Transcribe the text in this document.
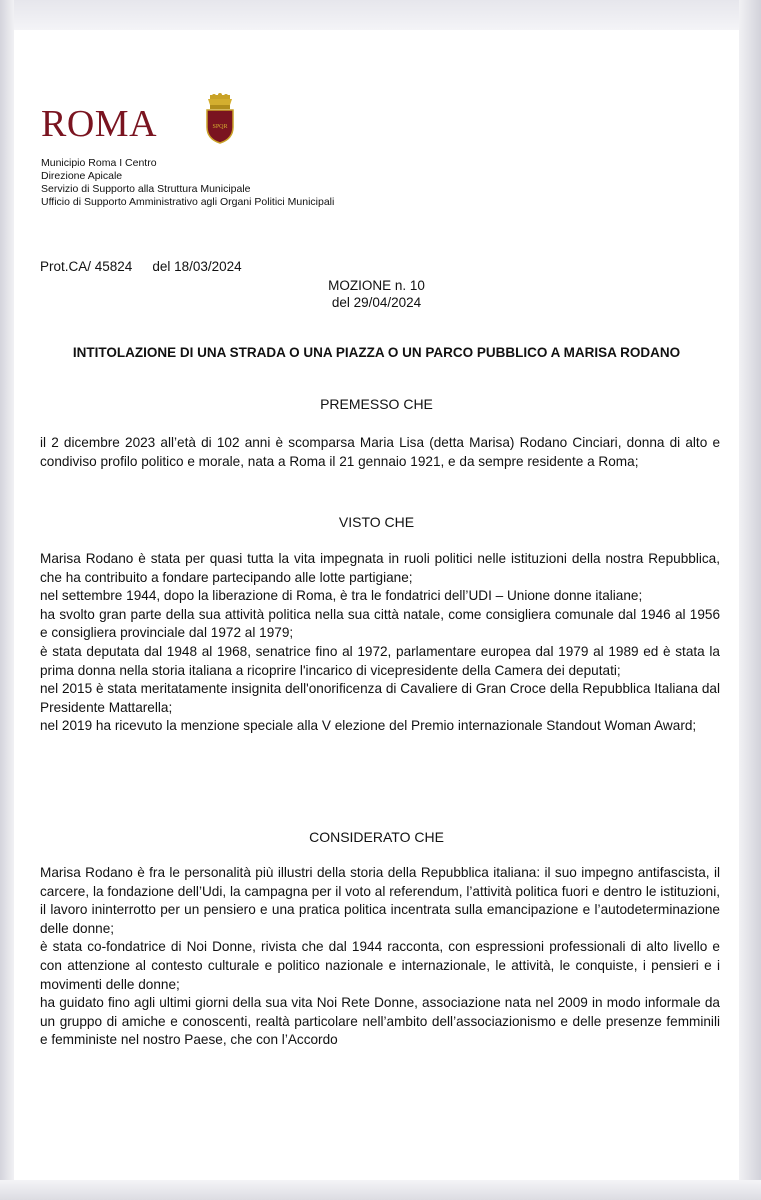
ROMA	SPQR
Municipio Roma I Centro
Direzione Apicale
Servizio di Supporto alla Struttura Municipale
Ufficio di Supporto Amministrativo agli Organi Politici Municipali
Prot.CA/ 45824 del 18/03/2024
MOZIONE n. 10
del 29/04/2024
INTITOLAZIONE DI UNA STRADA O UNA PIAZZA O UN PARCO PUBBLICO A MARISA RODANO
PREMESSO CHE

il 2 dicembre 2023 all’età di 102 anni è scomparsa Maria Lisa (detta Marisa) Rodano Cinciari, donna di alto e condiviso profilo politico e morale, nata a Roma il 21 gennaio 1921, e da sempre residente a Roma;

VISTO CHE

Marisa Rodano è stata per quasi tutta la vita impegnata in ruoli politici nelle istituzioni della nostra Repubblica, che ha contribuito a fondare partecipando alle lotte partigiane;

nel settembre 1944, dopo la liberazione di Roma, è tra le fondatrici dell’UDI – Unione donne italiane;

ha svolto gran parte della sua attività politica nella sua città natale, come consigliera comunale dal 1946 al 1956 e consigliera provinciale dal 1972 al 1979;

è stata deputata dal 1948 al 1968, senatrice fino al 1972, parlamentare europea dal 1979 al 1989 ed è stata la prima donna nella storia italiana a ricoprire l'incarico di vicepresidente della Camera dei deputati;

nel 2015 è stata meritatamente insignita dell'onorificenza di Cavaliere di Gran Croce della Repubblica Italiana dal Presidente Mattarella;

nel 2019 ha ricevuto la menzione speciale alla V elezione del Premio internazionale Standout Woman Award;

CONSIDERATO CHE

Marisa Rodano è fra le personalità più illustri della storia della Repubblica italiana: il suo impegno antifascista, il carcere, la fondazione dell’Udi, la campagna per il voto al referendum, l’attività politica fuori e dentro le istituzioni, il lavoro ininterrotto per un pensiero e una pratica politica incentrata sulla emancipazione e l’autodeterminazione delle donne;

è stata co-fondatrice di Noi Donne, rivista che dal 1944 racconta, con espressioni professionali di alto livello e con attenzione al contesto culturale e politico nazionale e internazionale, le attività, le conquiste, i pensieri e i movimenti delle donne;

ha guidato fino agli ultimi giorni della sua vita Noi Rete Donne, associazione nata nel 2009 in modo informale da un gruppo di amiche e conoscenti, realtà particolare nell’ambito dell’associazionismo e delle presenze femminili e femministe nel nostro Paese, che con l’Accordo
